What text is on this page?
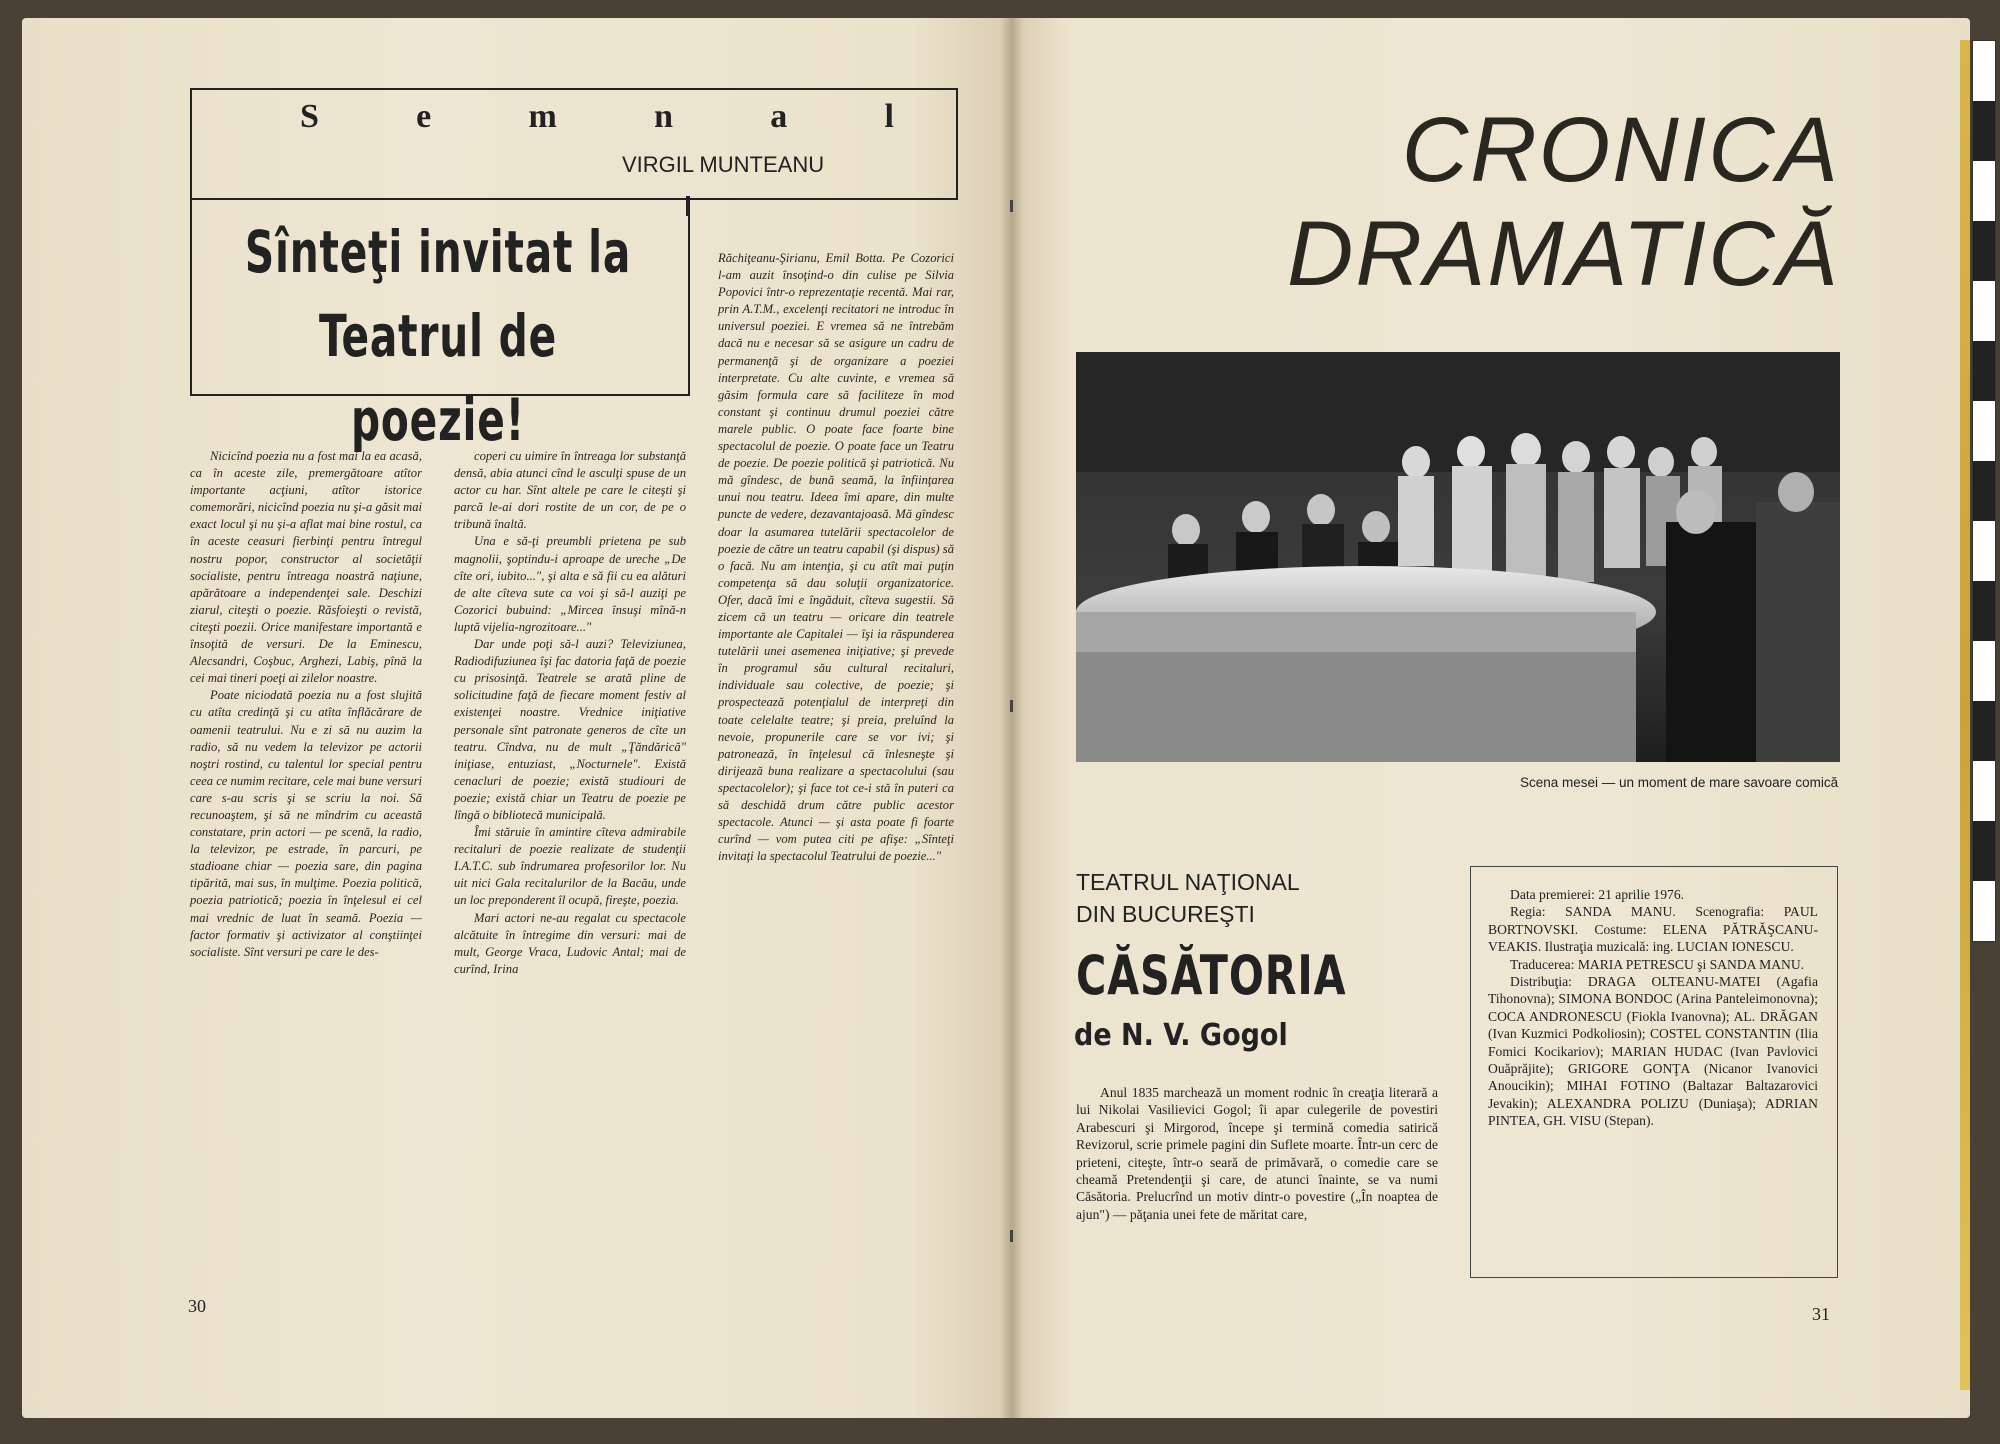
S	e	m	n	a	l
VIRGIL MUNTEANU
Sînteţi invitat la
Teatrul de poezie!

Nicicînd poezia nu a fost mai la ea acasă, ca în aceste zile, premergătoare atîtor importante acţiuni, atîtor istorice comemorări, nicicînd poezia nu şi-a găsit mai exact locul şi nu şi-a aflat mai bine rostul, ca în aceste ceasuri fierbinţi pentru întregul nostru popor, constructor al societăţii socialiste, pentru întreaga noastră naţiune, apărătoare a independenţei sale. Deschizi ziarul, citeşti o poezie. Răsfoieşti o revistă, citeşti poezii. Orice manifestare importantă e însoţită de versuri. De la Eminescu, Alecsandri, Coşbuc, Arghezi, Labiş, pînă la cei mai tineri poeţi ai zilelor noastre.

Poate niciodată poezia nu a fost slujită cu atîta credinţă şi cu atîta înflăcărare de oamenii teatrului. Nu e zi să nu auzim la radio, să nu vedem la televizor pe actorii noştri rostind, cu talentul lor special pentru ceea ce numim recitare, cele mai bune versuri care s-au scris şi se scriu la noi. Să recunoaştem, şi să ne mîndrim cu această constatare, prin actori — pe scenă, la radio, la televizor, pe estrade, în parcuri, pe stadioane chiar — poezia sare, din pagina tipărită, mai sus, în mulţime. Poezia politică, poezia patriotică; poezia în înţelesul ei cel mai vrednic de luat în seamă. Poezia — factor formativ şi activizator al conştiinţei socialiste. Sînt versuri pe care le des-

coperi cu uimire în întreaga lor substanţă densă, abia atunci cînd le asculţi spuse de un actor cu har. Sînt altele pe care le citeşti şi parcă le-ai dori rostite de un cor, de pe o tribună înaltă.

Una e să-ţi preumbli prietena pe sub magnolii, şoptindu-i aproape de ureche „De cîte ori, iubito...", şi alta e să fii cu ea alături de alte cîteva sute ca voi şi să-l auziţi pe Cozorici bubuind: „Mircea însuşi mînă-n luptă vijelia-ngrozitoare..."

Dar unde poţi să-l auzi? Televiziunea, Radiodifuziunea îşi fac datoria faţă de poezie cu prisosinţă. Teatrele se arată pline de solicitudine faţă de fiecare moment festiv al existenţei noastre. Vrednice iniţiative personale sînt patronate generos de cîte un teatru. Cîndva, nu de mult „Ţăndărică" iniţiase, entuziast, „Nocturnele". Există cenacluri de poezie; există studiouri de poezie; există chiar un Teatru de poezie pe lîngă o bibliotecă municipală.

Îmi stăruie în amintire cîteva admirabile recitaluri de poezie realizate de studenţii I.A.T.C. sub îndrumarea profesorilor lor. Nu uit nici Gala recitalurilor de la Bacău, unde un loc preponderent îl ocupă, fireşte, poezia.

Mari actori ne-au regalat cu spectacole alcătuite în întregime din versuri: mai de mult, George Vraca, Ludovic Antal; mai de curînd, Irina

Răchiţeanu-Şirianu, Emil Botta. Pe Cozorici l-am auzit însoţind-o din culise pe Silvia Popovici într-o reprezentaţie recentă. Mai rar, prin A.T.M., excelenţi recitatori ne introduc în universul poeziei. E vremea să ne întrebăm dacă nu e necesar să se asigure un cadru de permanenţă şi de organizare a poeziei interpretate. Cu alte cuvinte, e vremea să găsim formula care să faciliteze în mod constant şi continuu drumul poeziei către marele public. O poate face foarte bine spectacolul de poezie. O poate face un Teatru de poezie. De poezie politică şi patriotică. Nu mă gîndesc, de bună seamă, la înfiinţarea unui nou teatru. Ideea îmi apare, din multe puncte de vedere, dezavantajoasă. Mă gîndesc doar la asumarea tutelării spectacolelor de poezie de către un teatru capabil (şi dispus) să o facă. Nu am intenţia, şi cu atît mai puţin competenţa să dau soluţii organizatorice. Ofer, dacă îmi e îngăduit, cîteva sugestii. Să zicem că un teatru — oricare din teatrele importante ale Capitalei — îşi ia răspunderea tutelării unei asemenea iniţiative; şi prevede în programul său cultural recitaluri, individuale sau colective, de poezie; şi prospectează potenţialul de interpreţi din toate celelalte teatre; şi preia, preluînd la nevoie, propunerile care se vor ivi; şi patronează, în înţelesul că înlesneşte şi dirijează buna realizare a spectacolului (sau spectacolelor); şi face tot ce-i stă în puteri ca să deschidă drum către public acestor spectacole. Atunci — şi asta poate fi foarte curînd — vom putea citi pe afişe: „Sînteţi invitaţi la spectacolul Teatrului de poezie..."

30
CRONICA
DRAMATICĂ
Scena mesei — un moment de mare savoare comică
TEATRUL NAŢIONAL
DIN BUCUREŞTI
CĂSĂTORIA
de N. V. Gogol

Anul 1835 marchează un moment rodnic în creaţia literară a lui Nikolai Vasilievici Gogol; îi apar culegerile de povestiri Arabescuri şi Mirgorod, începe şi termină comedia satirică Revizorul, scrie primele pagini din Suflete moarte. Într-un cerc de prieteni, citeşte, într-o seară de primăvară, o comedie care se cheamă Pretendenţii şi care, de atunci înainte, se va numi Căsătoria. Prelucrînd un motiv dintr-o povestire („În noaptea de ajun") — păţania unei fete de măritat care,

Data premierei: 21 aprilie 1976.

Regia: SANDA MANU. Scenografia: PAUL BORTNOVSKI. Costume: ELENA PĂTRĂŞCANU-VEAKIS. Ilustraţia muzicală: ing. LUCIAN IONESCU.

Traducerea: MARIA PETRESCU şi SANDA MANU.

Distribuţia: DRAGA OLTEANU-MATEI (Agafia Tihonovna); SIMONA BONDOC (Arina Panteleimonovna); COCA ANDRONESCU (Fiokla Ivanovna); AL. DRĂGAN (Ivan Kuzmici Podkoliosin); COSTEL CONSTANTIN (Ilia Fomici Kocikariov); MARIAN HUDAC (Ivan Pavlovici Ouăprăjite); GRIGORE GONŢA (Nicanor Ivanovici Anoucikin); MIHAI FOTINO (Baltazar Baltazarovici Jevakin); ALEXANDRA POLIZU (Duniaşa); ADRIAN PINTEA, GH. VISU (Stepan).

31
